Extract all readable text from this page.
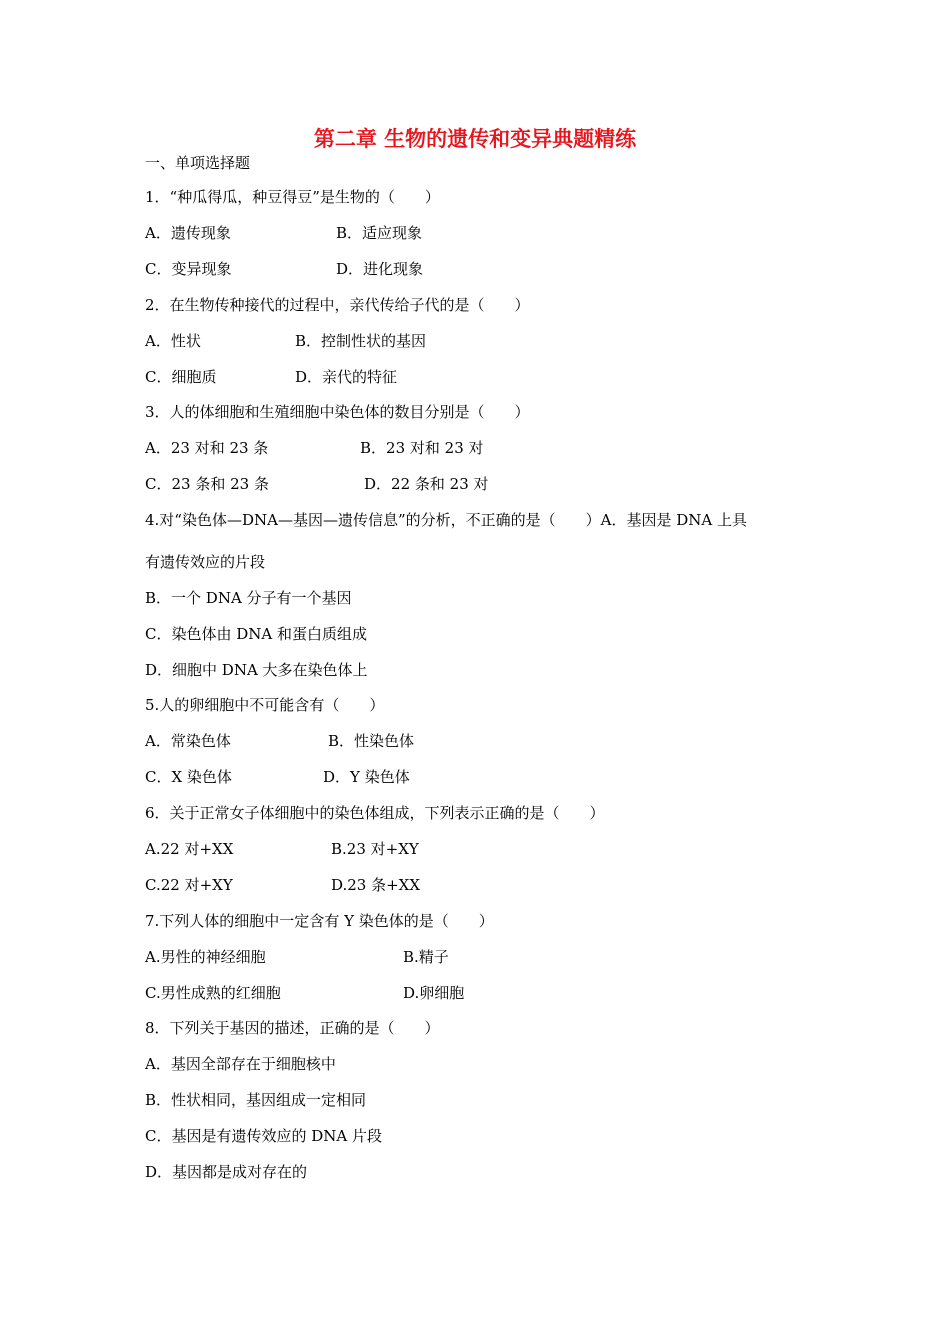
第二章 生物的遗传和变异典题精练
一、单项选择题
1．“种瓜得瓜，种豆得豆”是生物的（　　）
A．遗传现象	B．适应现象
C．变异现象	D．进化现象
2．在生物传种接代的过程中，亲代传给子代的是（　　）
A．性状	B．控制性状的基因
C．细胞质	D．亲代的特征
3．人的体细胞和生殖细胞中染色体的数目分别是（　　）
A．23 对和 23 条	B．23 对和 23 对
C．23 条和 23 条	D．22 条和 23 对
4.对“染色体—DNA—基因—遗传信息”的分析，不正确的是（　　）A．基因是 DNA 上具
有遗传效应的片段
B．一个 DNA 分子有一个基因
C．染色体由 DNA 和蛋白质组成
D．细胞中 DNA 大多在染色体上
5.人的卵细胞中不可能含有（　　）
A．常染色体	B．性染色体
C．X 染色体	D．Y 染色体
6．关于正常女子体细胞中的染色体组成，下列表示正确的是（　　）
A.22 对+XX	B.23 对+XY
C.22 对+XY	D.23 条+XX
7.下列人体的细胞中一定含有 Y 染色体的是（　　）
A.男性的神经细胞	B.精子
C.男性成熟的红细胞	D.卵细胞
8．下列关于基因的描述，正确的是（　　）
A．基因全部存在于细胞核中
B．性状相同，基因组成一定相同
C．基因是有遗传效应的 DNA 片段
D．基因都是成对存在的
